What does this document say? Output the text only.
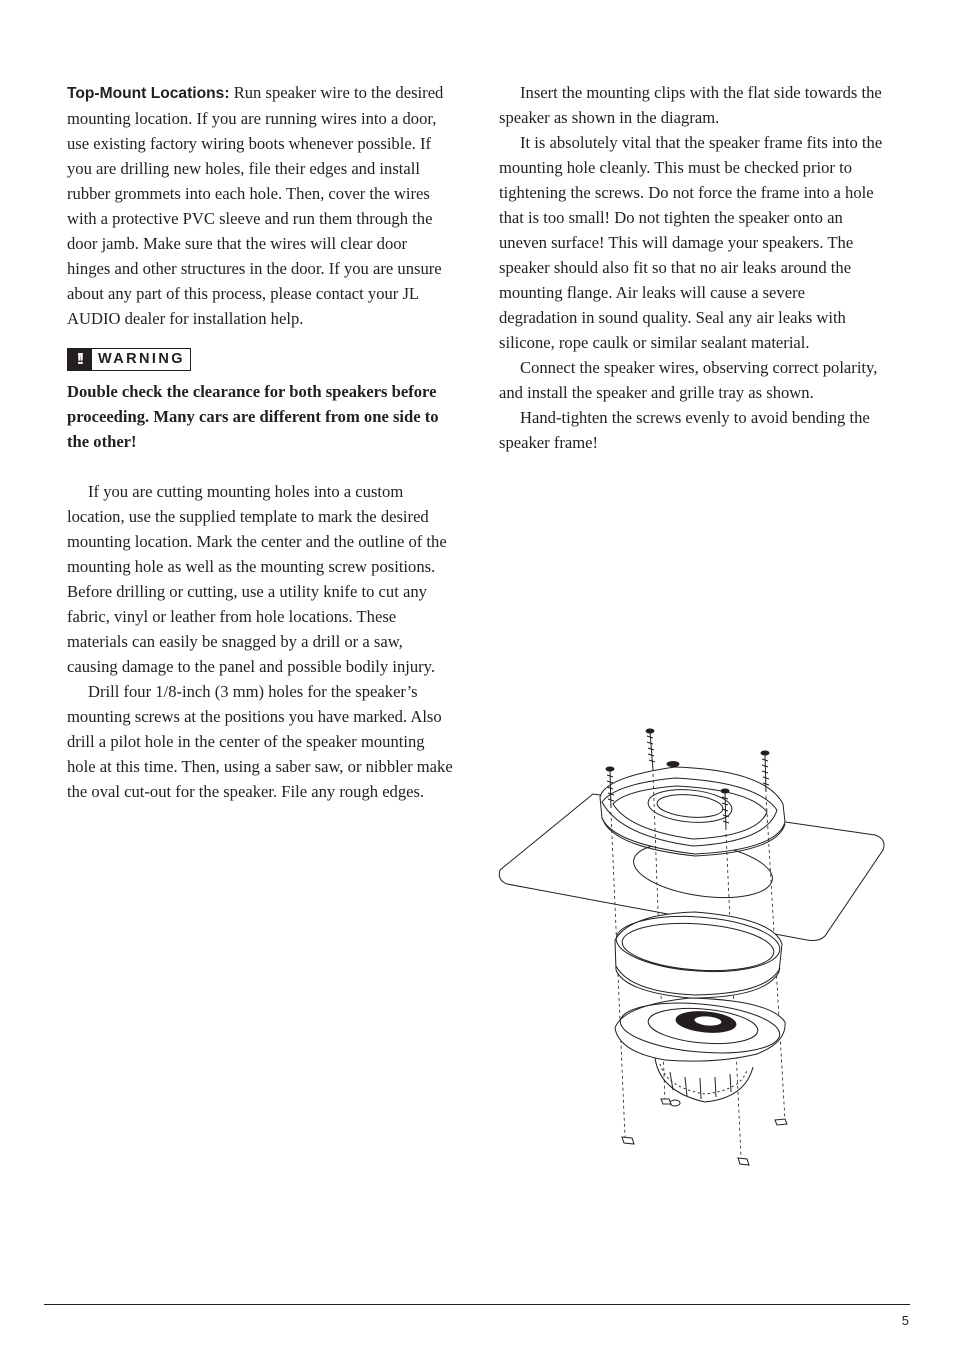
Top-Mount Locations: Run speaker wire to the desired mounting location. If you are running wires into a door, use existing factory wiring boots whenever possible. If you are drilling new holes, file their edges and install rubber grommets into each hole. Then, cover the wires with a protective PVC sleeve and run them through the door jamb. Make sure that the wires will clear door hinges and other structures in the door. If you are unsure about any part of this process, please contact your JL AUDIO dealer for installation help.

!!	WARNING

Double check the clearance for both speakers before proceeding. Many cars are different from one side to the other!

If you are cutting mounting holes into a custom location, use the supplied template to mark the desired mounting location. Mark the center and the outline of the mounting hole as well as the mounting screw positions. Before drilling or cutting, use a utility knife to cut any fabric, vinyl or leather from hole locations. These materials can easily be snagged by a drill or a saw, causing damage to the panel and possible bodily injury.

Drill four 1/8-inch (3 mm) holes for the speaker’s mounting screws at the positions you have marked. Also drill a pilot hole in the center of the speaker mounting hole at this time. Then, using a saber saw, or nibbler make the oval cut-out for the speaker. File any rough edges.

Insert the mounting clips with the flat side towards the speaker as shown in the diagram.

It is absolutely vital that the speaker frame fits into the mounting hole cleanly. This must be checked prior to tightening the screws. Do not force the frame into a hole that is too small! Do not tighten the speaker onto an uneven surface! This will damage your speakers. The speaker should also fit so that no air leaks around the mounting flange. Air leaks will cause a severe degradation in sound quality. Seal any air leaks with silicone, rope caulk or similar sealant material.

Connect the speaker wires, observing correct polarity, and install the speaker and grille tray as shown.

Hand-tighten the screws evenly to avoid bending the speaker frame!

5
